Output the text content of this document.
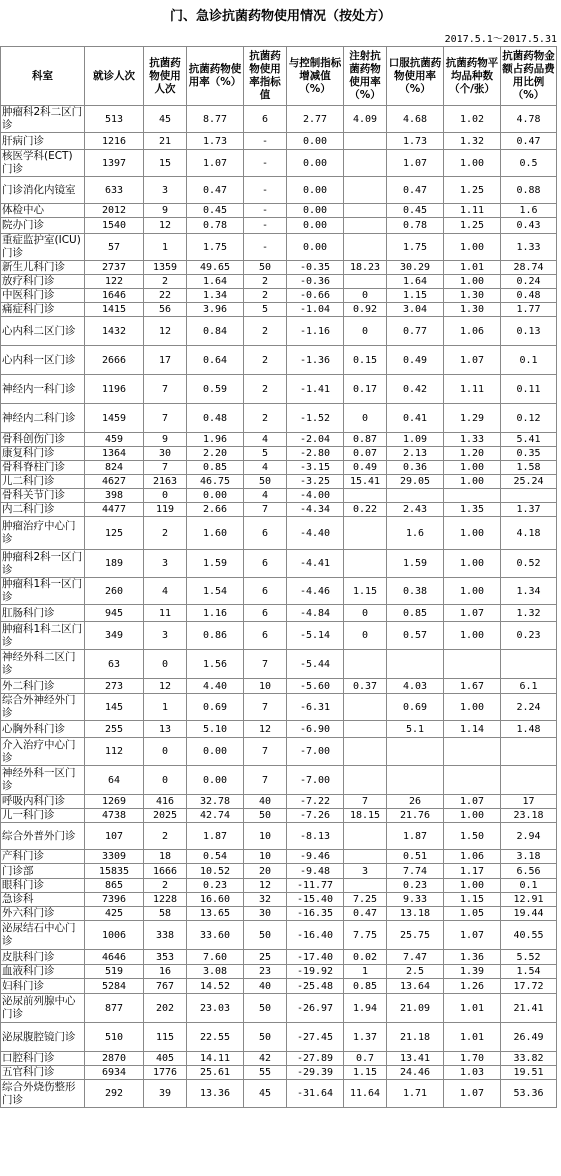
门、急诊抗菌药物使用情况（按处方）
2017.5.1～2017.5.31
科室	就诊人次	抗菌药物使用人次	抗菌药物使用率（%）	抗菌药物使用率指标值	与控制指标增减值（%）	注射抗菌药物使用率（%）	口服抗菌药物使用率（%）	抗菌药物平均品种数（个/张）	抗菌药物金额占药品费用比例（%）
肿瘤科2科二区门诊	513	45	8.77	6	2.77	4.09	4.68	1.02	4.78
肝病门诊	1216	21	1.73	-	0.00		1.73	1.32	0.47
核医学科(ECT)门诊	1397	15	1.07	-	0.00		1.07	1.00	0.5
门诊消化内镜室	633	3	0.47	-	0.00		0.47	1.25	0.88
体检中心	2012	9	0.45	-	0.00		0.45	1.11	1.6
院办门诊	1540	12	0.78	-	0.00		0.78	1.25	0.43
重症监护室(ICU)门诊	57	1	1.75	-	0.00		1.75	1.00	1.33
新生儿科门诊	2737	1359	49.65	50	-0.35	18.23	30.29	1.01	28.74
放疗科门诊	122	2	1.64	2	-0.36		1.64	1.00	0.24
中医科门诊	1646	22	1.34	2	-0.66	0	1.15	1.30	0.48
痛症科门诊	1415	56	3.96	5	-1.04	0.92	3.04	1.30	1.77
心内科二区门诊	1432	12	0.84	2	-1.16	0	0.77	1.06	0.13
心内科一区门诊	2666	17	0.64	2	-1.36	0.15	0.49	1.07	0.1
神经内一科门诊	1196	7	0.59	2	-1.41	0.17	0.42	1.11	0.11
神经内二科门诊	1459	7	0.48	2	-1.52	0	0.41	1.29	0.12
骨科创伤门诊	459	9	1.96	4	-2.04	0.87	1.09	1.33	5.41
康复科门诊	1364	30	2.20	5	-2.80	0.07	2.13	1.20	0.35
骨科脊柱门诊	824	7	0.85	4	-3.15	0.49	0.36	1.00	1.58
儿二科门诊	4627	2163	46.75	50	-3.25	15.41	29.05	1.00	25.24
骨科关节门诊	398	0	0.00	4	-4.00				
内二科门诊	4477	119	2.66	7	-4.34	0.22	2.43	1.35	1.37
肿瘤治疗中心门诊	125	2	1.60	6	-4.40		1.6	1.00	4.18
肿瘤科2科一区门诊	189	3	1.59	6	-4.41		1.59	1.00	0.52
肿瘤科1科一区门诊	260	4	1.54	6	-4.46	1.15	0.38	1.00	1.34
肛肠科门诊	945	11	1.16	6	-4.84	0	0.85	1.07	1.32
肿瘤科1科二区门诊	349	3	0.86	6	-5.14	0	0.57	1.00	0.23
神经外科二区门诊	63	0	1.56	7	-5.44				
外二科门诊	273	12	4.40	10	-5.60	0.37	4.03	1.67	6.1
综合外神经外门诊	145	1	0.69	7	-6.31		0.69	1.00	2.24
心胸外科门诊	255	13	5.10	12	-6.90		5.1	1.14	1.48
介入治疗中心门诊	112	0	0.00	7	-7.00				
神经外科一区门诊	64	0	0.00	7	-7.00				
呼吸内科门诊	1269	416	32.78	40	-7.22	7	26	1.07	17
儿一科门诊	4738	2025	42.74	50	-7.26	18.15	21.76	1.00	23.18
综合外普外门诊	107	2	1.87	10	-8.13		1.87	1.50	2.94
产科门诊	3309	18	0.54	10	-9.46		0.51	1.06	3.18
门诊部	15835	1666	10.52	20	-9.48	3	7.74	1.17	6.56
眼科门诊	865	2	0.23	12	-11.77		0.23	1.00	0.1
急诊科	7396	1228	16.60	32	-15.40	7.25	9.33	1.15	12.91
外六科门诊	425	58	13.65	30	-16.35	0.47	13.18	1.05	19.44
泌尿结石中心门诊	1006	338	33.60	50	-16.40	7.75	25.75	1.07	40.55
皮肤科门诊	4646	353	7.60	25	-17.40	0.02	7.47	1.36	5.52
血液科门诊	519	16	3.08	23	-19.92	1	2.5	1.39	1.54
妇科门诊	5284	767	14.52	40	-25.48	0.85	13.64	1.26	17.72
泌尿前列腺中心门诊	877	202	23.03	50	-26.97	1.94	21.09	1.01	21.41
泌尿腹腔镜门诊	510	115	22.55	50	-27.45	1.37	21.18	1.01	26.49
口腔科门诊	2870	405	14.11	42	-27.89	0.7	13.41	1.70	33.82
五官科门诊	6934	1776	25.61	55	-29.39	1.15	24.46	1.03	19.51
综合外烧伤整形门诊	292	39	13.36	45	-31.64	11.64	1.71	1.07	53.36
